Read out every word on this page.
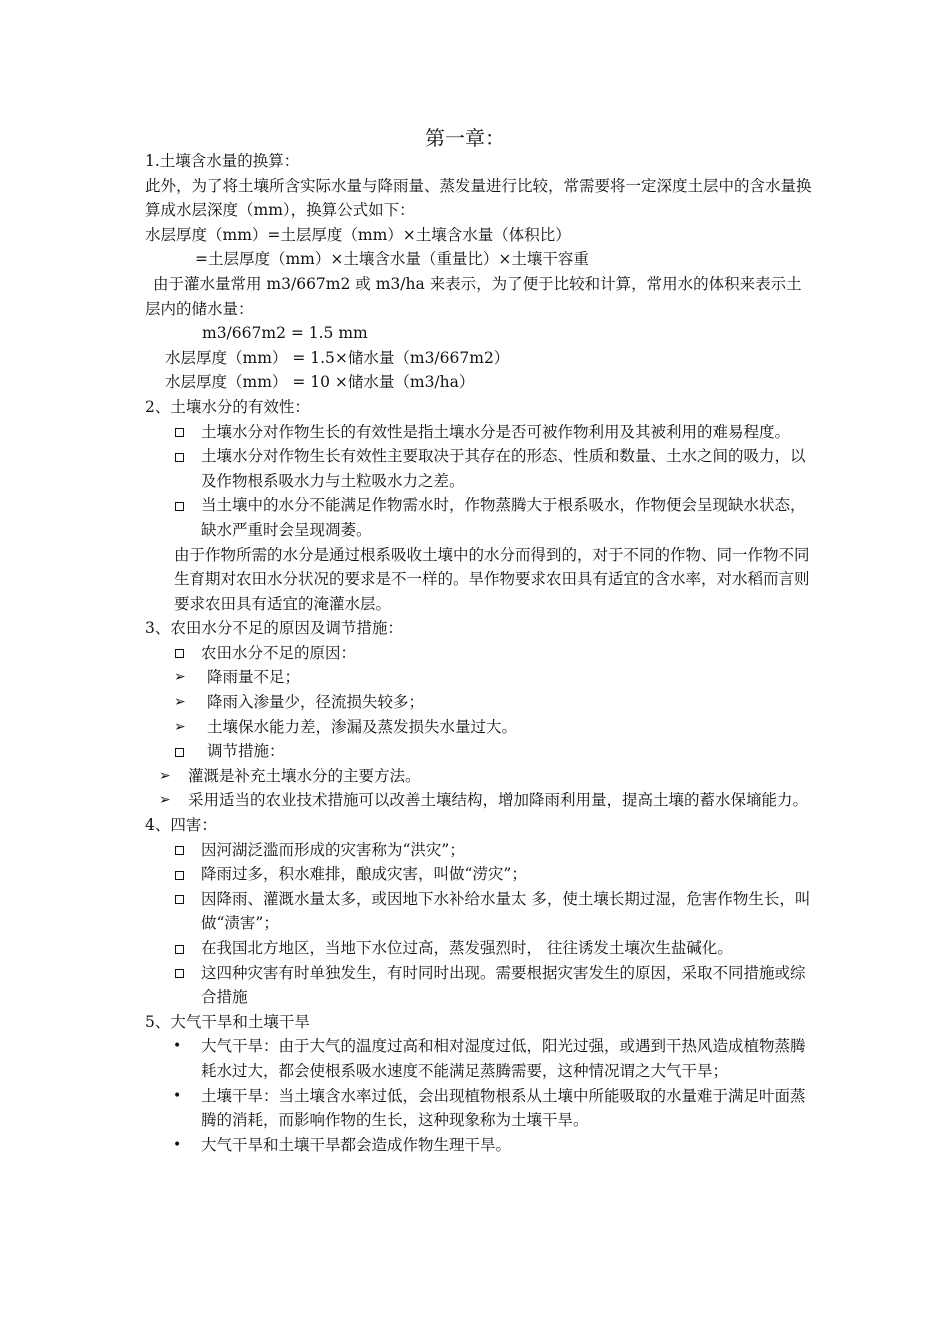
第一章：
1.土壤含水量的换算：
此外，为了将土壤所含实际水量与降雨量、蒸发量进行比较，常需要将一定深度土层中的含水量换算成水层深度（mm），换算公式如下：
水层厚度（mm）=土层厚度（mm）×土壤含水量（体积比）
=土层厚度（mm）×土壤含水量（重量比）×土壤干容重
由于灌水量常用 m3/667m2 或 m3/ha 来表示，为了便于比较和计算，常用水的体积来表示土层内的储水量：
m3/667m2 = 1.5 mm
水层厚度（mm） = 1.5×储水量（m3/667m2）
水层厚度（mm） = 10 ×储水量（m3/ha）
2、土壤水分的有效性：
土壤水分对作物生长的有效性是指土壤水分是否可被作物利用及其被利用的难易程度。
土壤水分对作物生长有效性主要取决于其存在的形态、性质和数量、土水之间的吸力，以及作物根系吸水力与土粒吸水力之差。
当土壤中的水分不能满足作物需水时，作物蒸腾大于根系吸水，作物便会呈现缺水状态，缺水严重时会呈现凋萎。
由于作物所需的水分是通过根系吸收土壤中的水分而得到的，对于不同的作物、同一作物不同生育期对农田水分状况的要求是不一样的。旱作物要求农田具有适宜的含水率，对水稻而言则要求农田具有适宜的淹灌水层。
3、农田水分不足的原因及调节措施：
农田水分不足的原因：
➢ 降雨量不足；
➢ 降雨入渗量少，径流损失较多；
➢ 土壤保水能力差，渗漏及蒸发损失水量过大。
调节措施：
➢ 灌溉是补充土壤水分的主要方法。
➢ 采用适当的农业技术措施可以改善土壤结构，增加降雨利用量，提高土壤的蓄水保墒能力。
4、四害：
因河湖泛滥而形成的灾害称为“洪灾”；
降雨过多，积水难排，酿成灾害，叫做“涝灾”；
因降雨、灌溉水量太多，或因地下水补给水量太 多，使土壤长期过湿，危害作物生长，叫做“渍害”；
在我国北方地区，当地下水位过高，蒸发强烈时， 往往诱发土壤次生盐碱化。
这四种灾害有时单独发生，有时同时出现。需要根据灾害发生的原因，采取不同措施或综合措施
5、大气干旱和土壤干旱
• 大气干旱：由于大气的温度过高和相对湿度过低，阳光过强，或遇到干热风造成植物蒸腾耗水过大，都会使根系吸水速度不能满足蒸腾需要，这种情况谓之大气干旱；
• 土壤干旱：当土壤含水率过低，会出现植物根系从土壤中所能吸取的水量难于满足叶面蒸腾的消耗，而影响作物的生长，这种现象称为土壤干旱。
• 大气干旱和土壤干旱都会造成作物生理干旱。
